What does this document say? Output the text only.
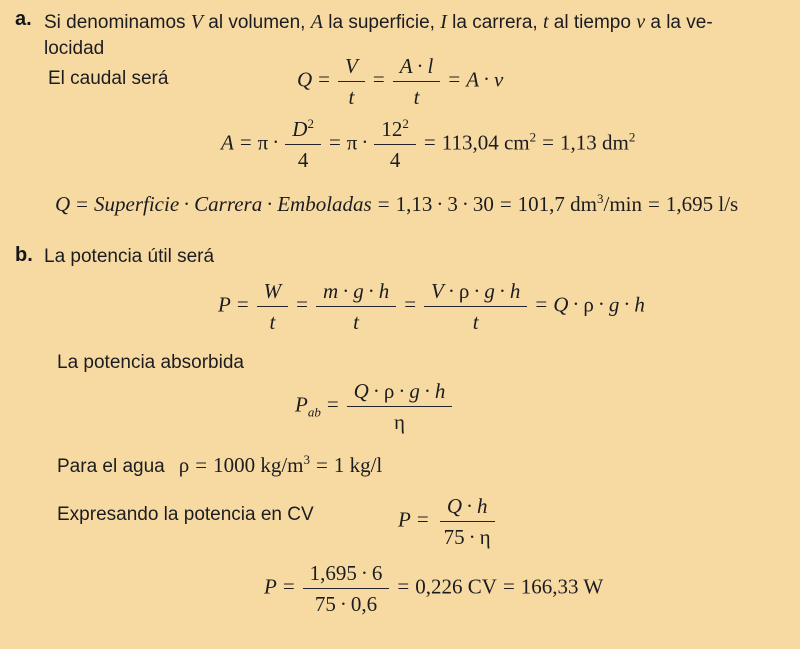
a. Si denominamos V al volumen, A la superficie, I la carrera, t al tiempo v a la ve-
locidad
El caudal será	$Q = \frac{V}{t} = \frac{A \cdot l}{t} = A \cdot v$
$A = \pi \cdot \frac{D^2}{4} = \pi \cdot \frac{12^2}{4} = 113,04$ $cm^2 = 1,13$ $dm^2$
Q = Superficie · Carrera · Emboladas = 1,13 · 3 · 30 = 101,7 $dm^3/\min = 1,695$ l/s
b. La potencia útil será
$P = \frac{W}{t} = \frac{m \cdot g \cdot h}{t} = \frac{V \cdot \rho \cdot g \cdot h}{t} = Q \cdot \rho \cdot g \cdot h$
La potencia absorbida
$P_{ab} = \frac{Q \cdot \rho \cdot g \cdot h}{\eta}$
Para el agua ρ = 1000 $kg/m^3 = 1$ kg/l
Expresando la potencia en CV	$P = \frac{Q \cdot h}{75 \cdot \eta}$
$P = \frac{1,695 \cdot 6}{75 \cdot 0,6} = 0,226$ CV = 166,33 W
